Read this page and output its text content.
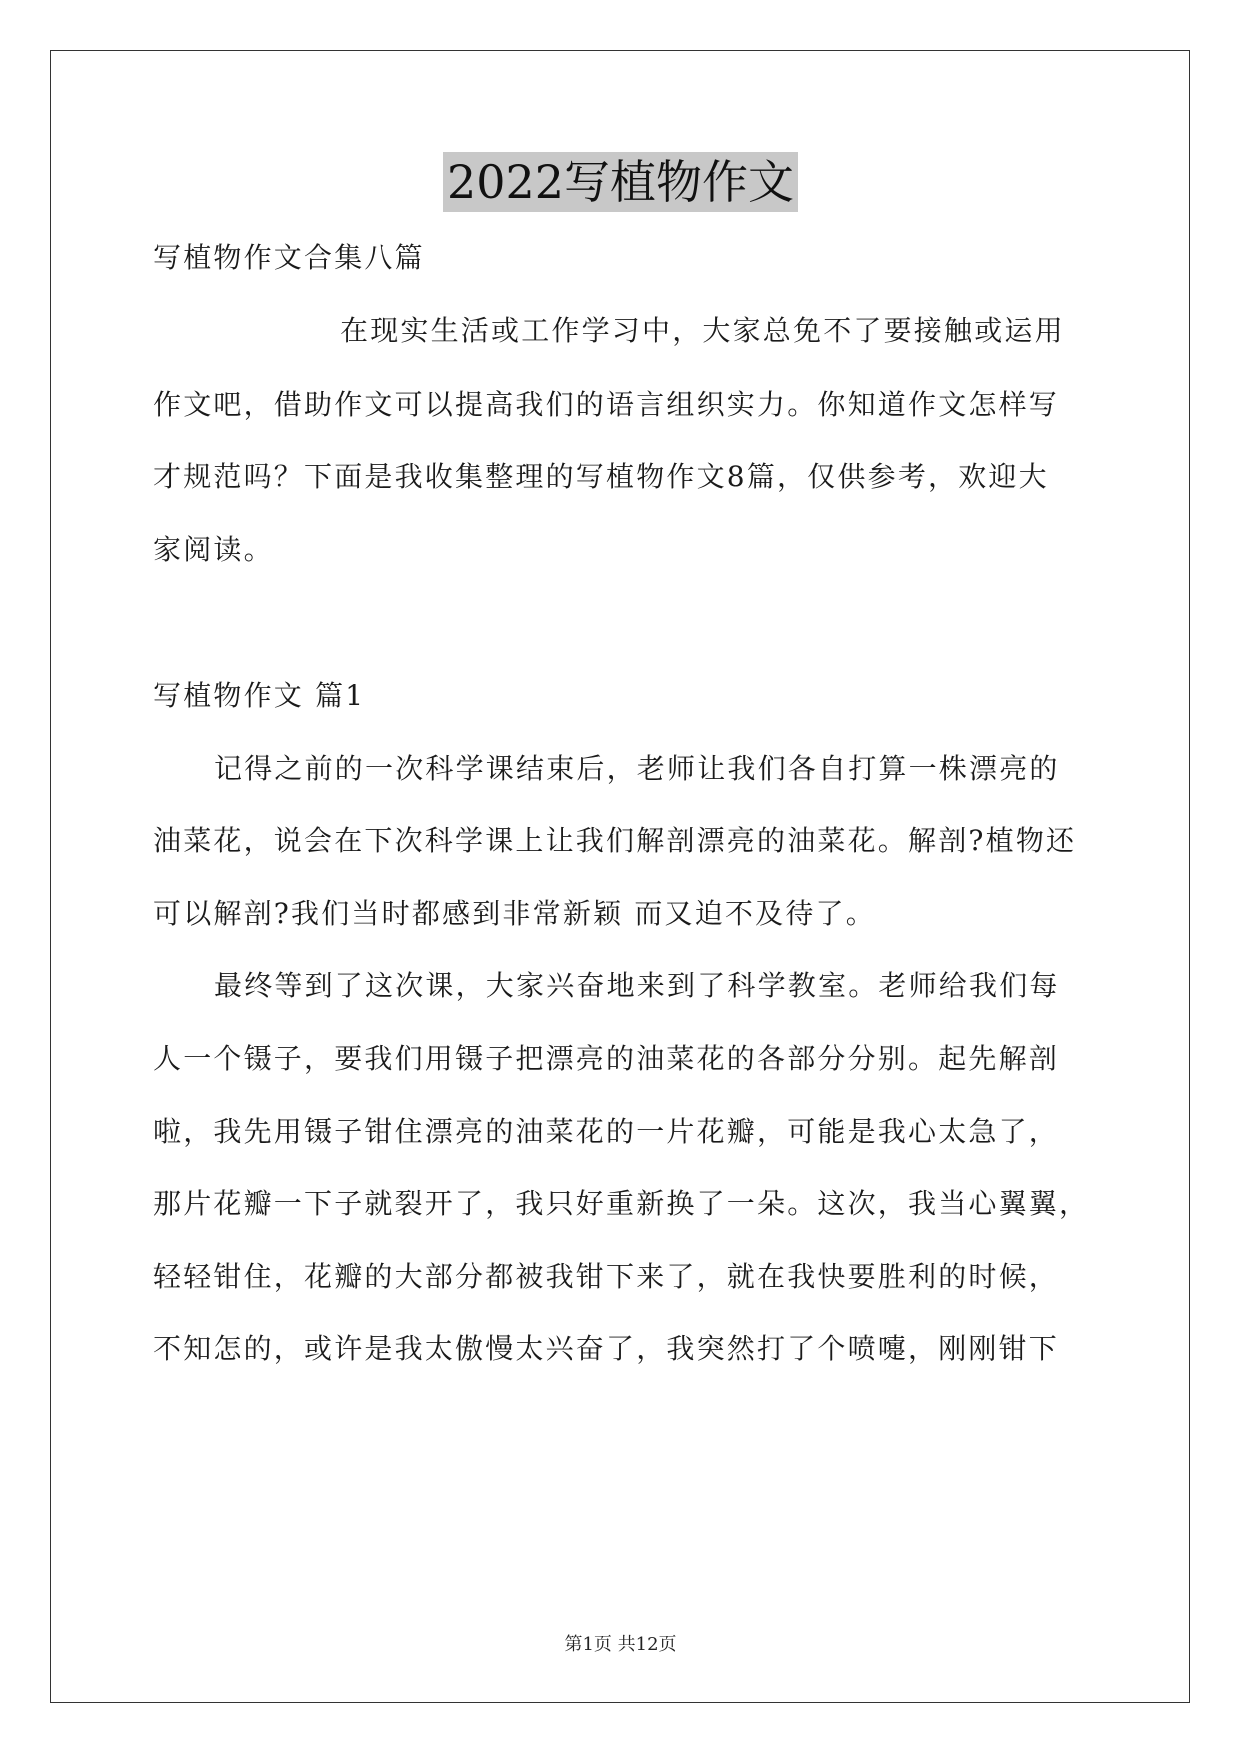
2022写植物作文
写植物作文合集八篇
在现实生活或工作学习中，大家总免不了要接触或运用
作文吧，借助作文可以提高我们的语言组织实力。你知道作文怎样写
才规范吗？下面是我收集整理的写植物作文8篇，仅供参考，欢迎大
家阅读。
写植物作文 篇1
记得之前的一次科学课结束后，老师让我们各自打算一株漂亮的
油菜花，说会在下次科学课上让我们解剖漂亮的油菜花。解剖?植物还
可以解剖?我们当时都感到非常新颖 而又迫不及待了。
最终等到了这次课，大家兴奋地来到了科学教室。老师给我们每
人一个镊子，要我们用镊子把漂亮的油菜花的各部分分别。起先解剖
啦，我先用镊子钳住漂亮的油菜花的一片花瓣，可能是我心太急了，
那片花瓣一下子就裂开了，我只好重新换了一朵。这次，我当心翼翼，
轻轻钳住，花瓣的大部分都被我钳下来了，就在我快要胜利的时候，
不知怎的，或许是我太傲慢太兴奋了，我突然打了个喷嚏，刚刚钳下
第1页 共12页
